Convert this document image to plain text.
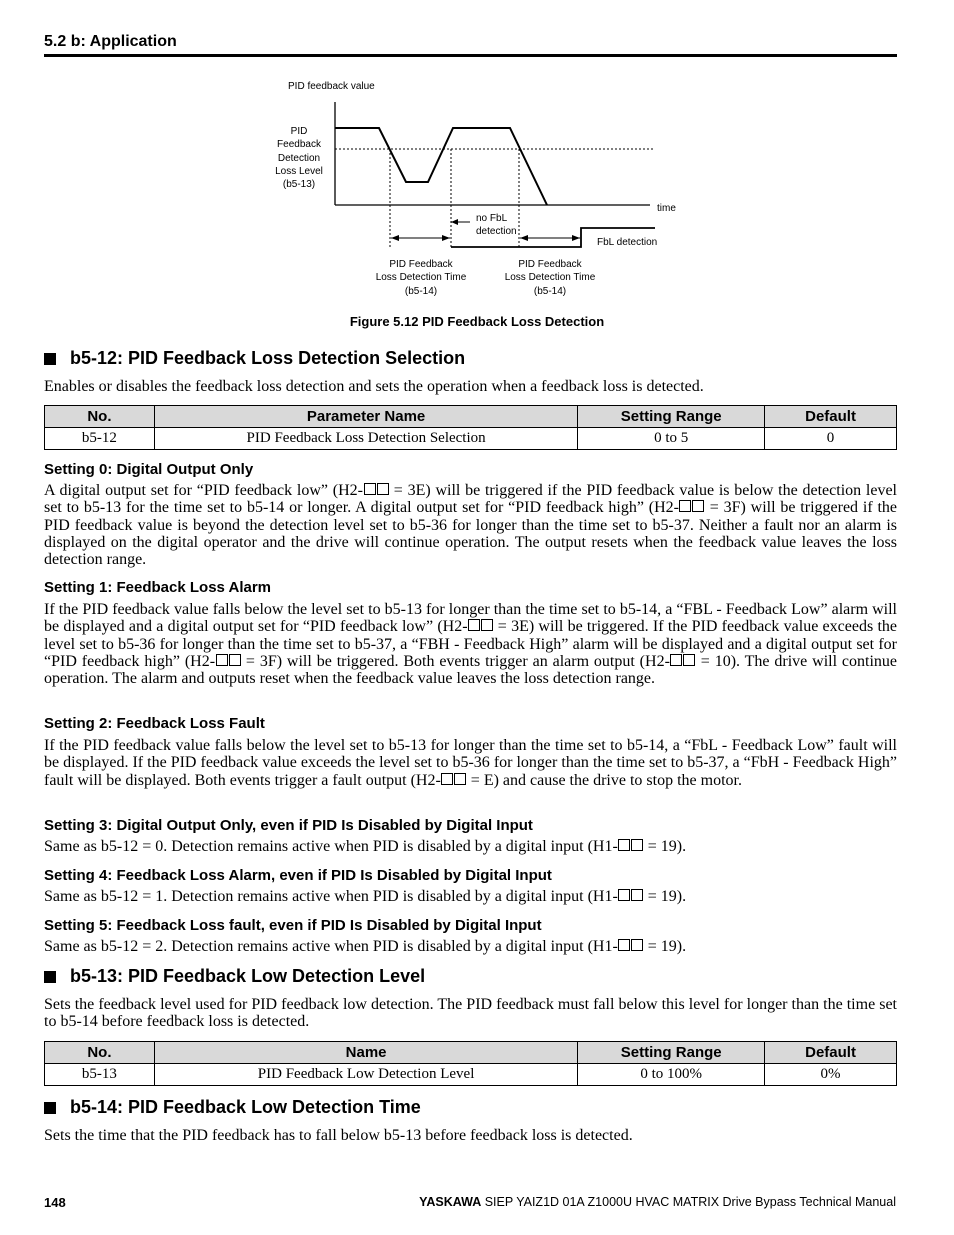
5.2 b: Application
PID feedback value
PID
Feedback
Detection
Loss Level
(b5-13)
time
FbL detection
no FbL
detection
PID Feedback
Loss Detection Time
(b5-14)
PID Feedback
Loss Detection Time
(b5-14)
Figure 5.12 PID Feedback Loss Detection
b5-12: PID Feedback Loss Detection Selection
Enables or disables the feedback loss detection and sets the operation when a feedback loss is detected.
No.	Parameter Name	Setting Range	Default
b5-12	PID Feedback Loss Detection Selection	0 to 5	0
Setting 0: Digital Output Only
A digital output set for “PID feedback low” (H2- = 3E) will be triggered if the PID feedback value is below the detection level set to b5-13 for the time set to b5-14 or longer. A digital output set for “PID feedback high” (H2- = 3F) will be triggered if the PID feedback value is beyond the detection level set to b5-36 for longer than the time set to b5-37. Neither a fault nor an alarm is displayed on the digital operator and the drive will continue operation. The output resets when the feedback value leaves the loss detection range.
Setting 1: Feedback Loss Alarm
If the PID feedback value falls below the level set to b5-13 for longer than the time set to b5-14, a “FBL - Feedback Low” alarm will be displayed and a digital output set for “PID feedback low” (H2- = 3E) will be triggered. If the PID feedback value exceeds the level set to b5-36 for longer than the time set to b5-37, a “FBH - Feedback High” alarm will be displayed and a digital output set for “PID feedback high” (H2- = 3F) will be triggered. Both events trigger an alarm output (H2- = 10). The drive will continue operation. The alarm and outputs reset when the feedback value leaves the loss detection range.
Setting 2: Feedback Loss Fault
If the PID feedback value falls below the level set to b5-13 for longer than the time set to b5-14, a “FbL - Feedback Low” fault will be displayed. If the PID feedback value exceeds the level set to b5-36 for longer than the time set to b5-37, a “FbH - Feedback High” fault will be displayed. Both events trigger a fault output (H2- = E) and cause the drive to stop the motor.
Setting 3: Digital Output Only, even if PID Is Disabled by Digital Input
Same as b5-12 = 0. Detection remains active when PID is disabled by a digital input (H1- = 19).
Setting 4: Feedback Loss Alarm, even if PID Is Disabled by Digital Input
Same as b5-12 = 1. Detection remains active when PID is disabled by a digital input (H1- = 19).
Setting 5: Feedback Loss fault, even if PID Is Disabled by Digital Input
Same as b5-12 = 2. Detection remains active when PID is disabled by a digital input (H1- = 19).
b5-13: PID Feedback Low Detection Level
Sets the feedback level used for PID feedback low detection. The PID feedback must fall below this level for longer than the time set to b5-14 before feedback loss is detected.
No.	Name	Setting Range	Default
b5-13	PID Feedback Low Detection Level	0 to 100%	0%
b5-14: PID Feedback Low Detection Time
Sets the time that the PID feedback has to fall below b5-13 before feedback loss is detected.
148	YASKAWA SIEP YAIZ1D 01A Z1000U HVAC MATRIX Drive Bypass Technical Manual
